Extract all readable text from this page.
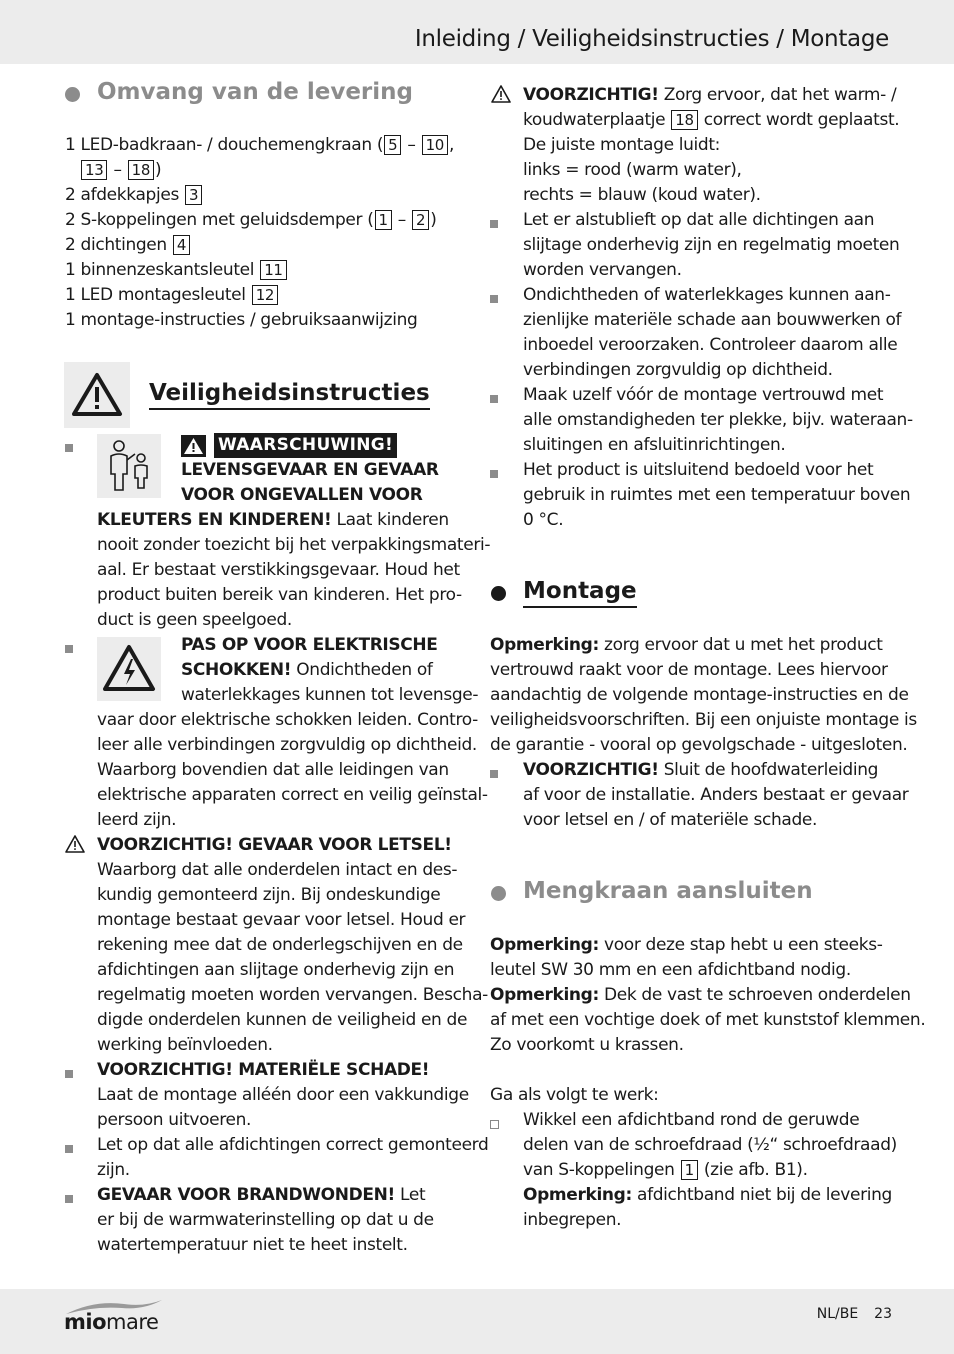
Inleiding / Veiligheidsinstructies / Montage
Omvang van de levering
1 LED-badkraan- / douchemengkraan ( 5 – 10 ,
13 – 18 )
2 afdekkapjes 3
2 S-koppelingen met geluidsdemper ( 1 – 2 )
2 dichtingen 4
1 binnenzeskantsleutel 11
1 LED montagesleutel 12
1 montage-instructies / gebruiksaanwijzing
Veiligheidsinstructies
WAARSCHUWING!
LEVENSGEVAAR EN GEVAAR
VOOR ONGEVALLEN VOOR
KLEUTERS EN KINDEREN! Laat kinderen
nooit zonder toezicht bij het verpakkingsmateri-
aal. Er bestaat verstikkingsgevaar. Houd het
product buiten bereik van kinderen. Het pro-
duct is geen speelgoed.
PAS OP VOOR ELEKTRISCHE
SCHOKKEN! Ondichtheden of
waterlekkages kunnen tot levensge-
vaar door elektrische schokken leiden. Contro-
leer alle verbindingen zorgvuldig op dichtheid.
Waarborg bovendien dat alle leidingen van
elektrische apparaten correct en veilig geïnstal-
leerd zijn.
VOORZICHTIG! GEVAAR VOOR LETSEL!
Waarborg dat alle onderdelen intact en des-
kundig gemonteerd zijn. Bij ondeskundige
montage bestaat gevaar voor letsel. Houd er
rekening mee dat de onderlegschijven en de
afdichtingen aan slijtage onderhevig zijn en
regelmatig moeten worden vervangen. Bescha-
digde onderdelen kunnen de veiligheid en de
werking beïnvloeden.
VOORZICHTIG! MATERIËLE SCHADE!
Laat de montage alléén door een vakkundige
persoon uitvoeren.
Let op dat alle afdichtingen correct gemonteerd
zijn.
GEVAAR VOOR BRANDWONDEN! Let
er bij de warmwaterinstelling op dat u de
watertemperatuur niet te heet instelt.
VOORZICHTIG! Zorg ervoor, dat het warm- /
koudwaterplaatje 18 correct wordt geplaatst.
De juiste montage luidt:
links = rood (warm water),
rechts = blauw (koud water).
Let er alstublieft op dat alle dichtingen aan
slijtage onderhevig zijn en regelmatig moeten
worden vervangen.
Ondichtheden of waterlekkages kunnen aan-
zienlijke materiële schade aan bouwwerken of
inboedel veroorzaken. Controleer daarom alle
verbindingen zorgvuldig op dichtheid.
Maak uzelf vóór de montage vertrouwd met
alle omstandigheden ter plekke, bijv. wateraan-
sluitingen en afsluitinrichtingen.
Het product is uitsluitend bedoeld voor het
gebruik in ruimtes met een temperatuur boven
0 °C.
Montage
Opmerking: zorg ervoor dat u met het product
vertrouwd raakt voor de montage. Lees hiervoor
aandachtig de volgende montage-instructies en de
veiligheidsvoorschriften. Bij een onjuiste montage is
de garantie - vooral op gevolgschade - uitgesloten.
VOORZICHTIG! Sluit de hoofdwaterleiding
af voor de installatie. Anders bestaat er gevaar
voor letsel en / of materiële schade.
Mengkraan aansluiten
Opmerking: voor deze stap hebt u een steeks-
leutel SW 30 mm en een afdichtband nodig.
Opmerking: Dek de vast te schroeven onderdelen
af met een vochtige doek of met kunststof klemmen.
Zo voorkomt u krassen.
Ga als volgt te werk:
Wikkel een afdichtband rond de geruwde
delen van de schroefdraad (½“ schroefdraad)
van S-koppelingen 1 (zie afb. B1).
Opmerking: afdichtband niet bij de levering
inbegrepen.
miomare	NL/BE 23
